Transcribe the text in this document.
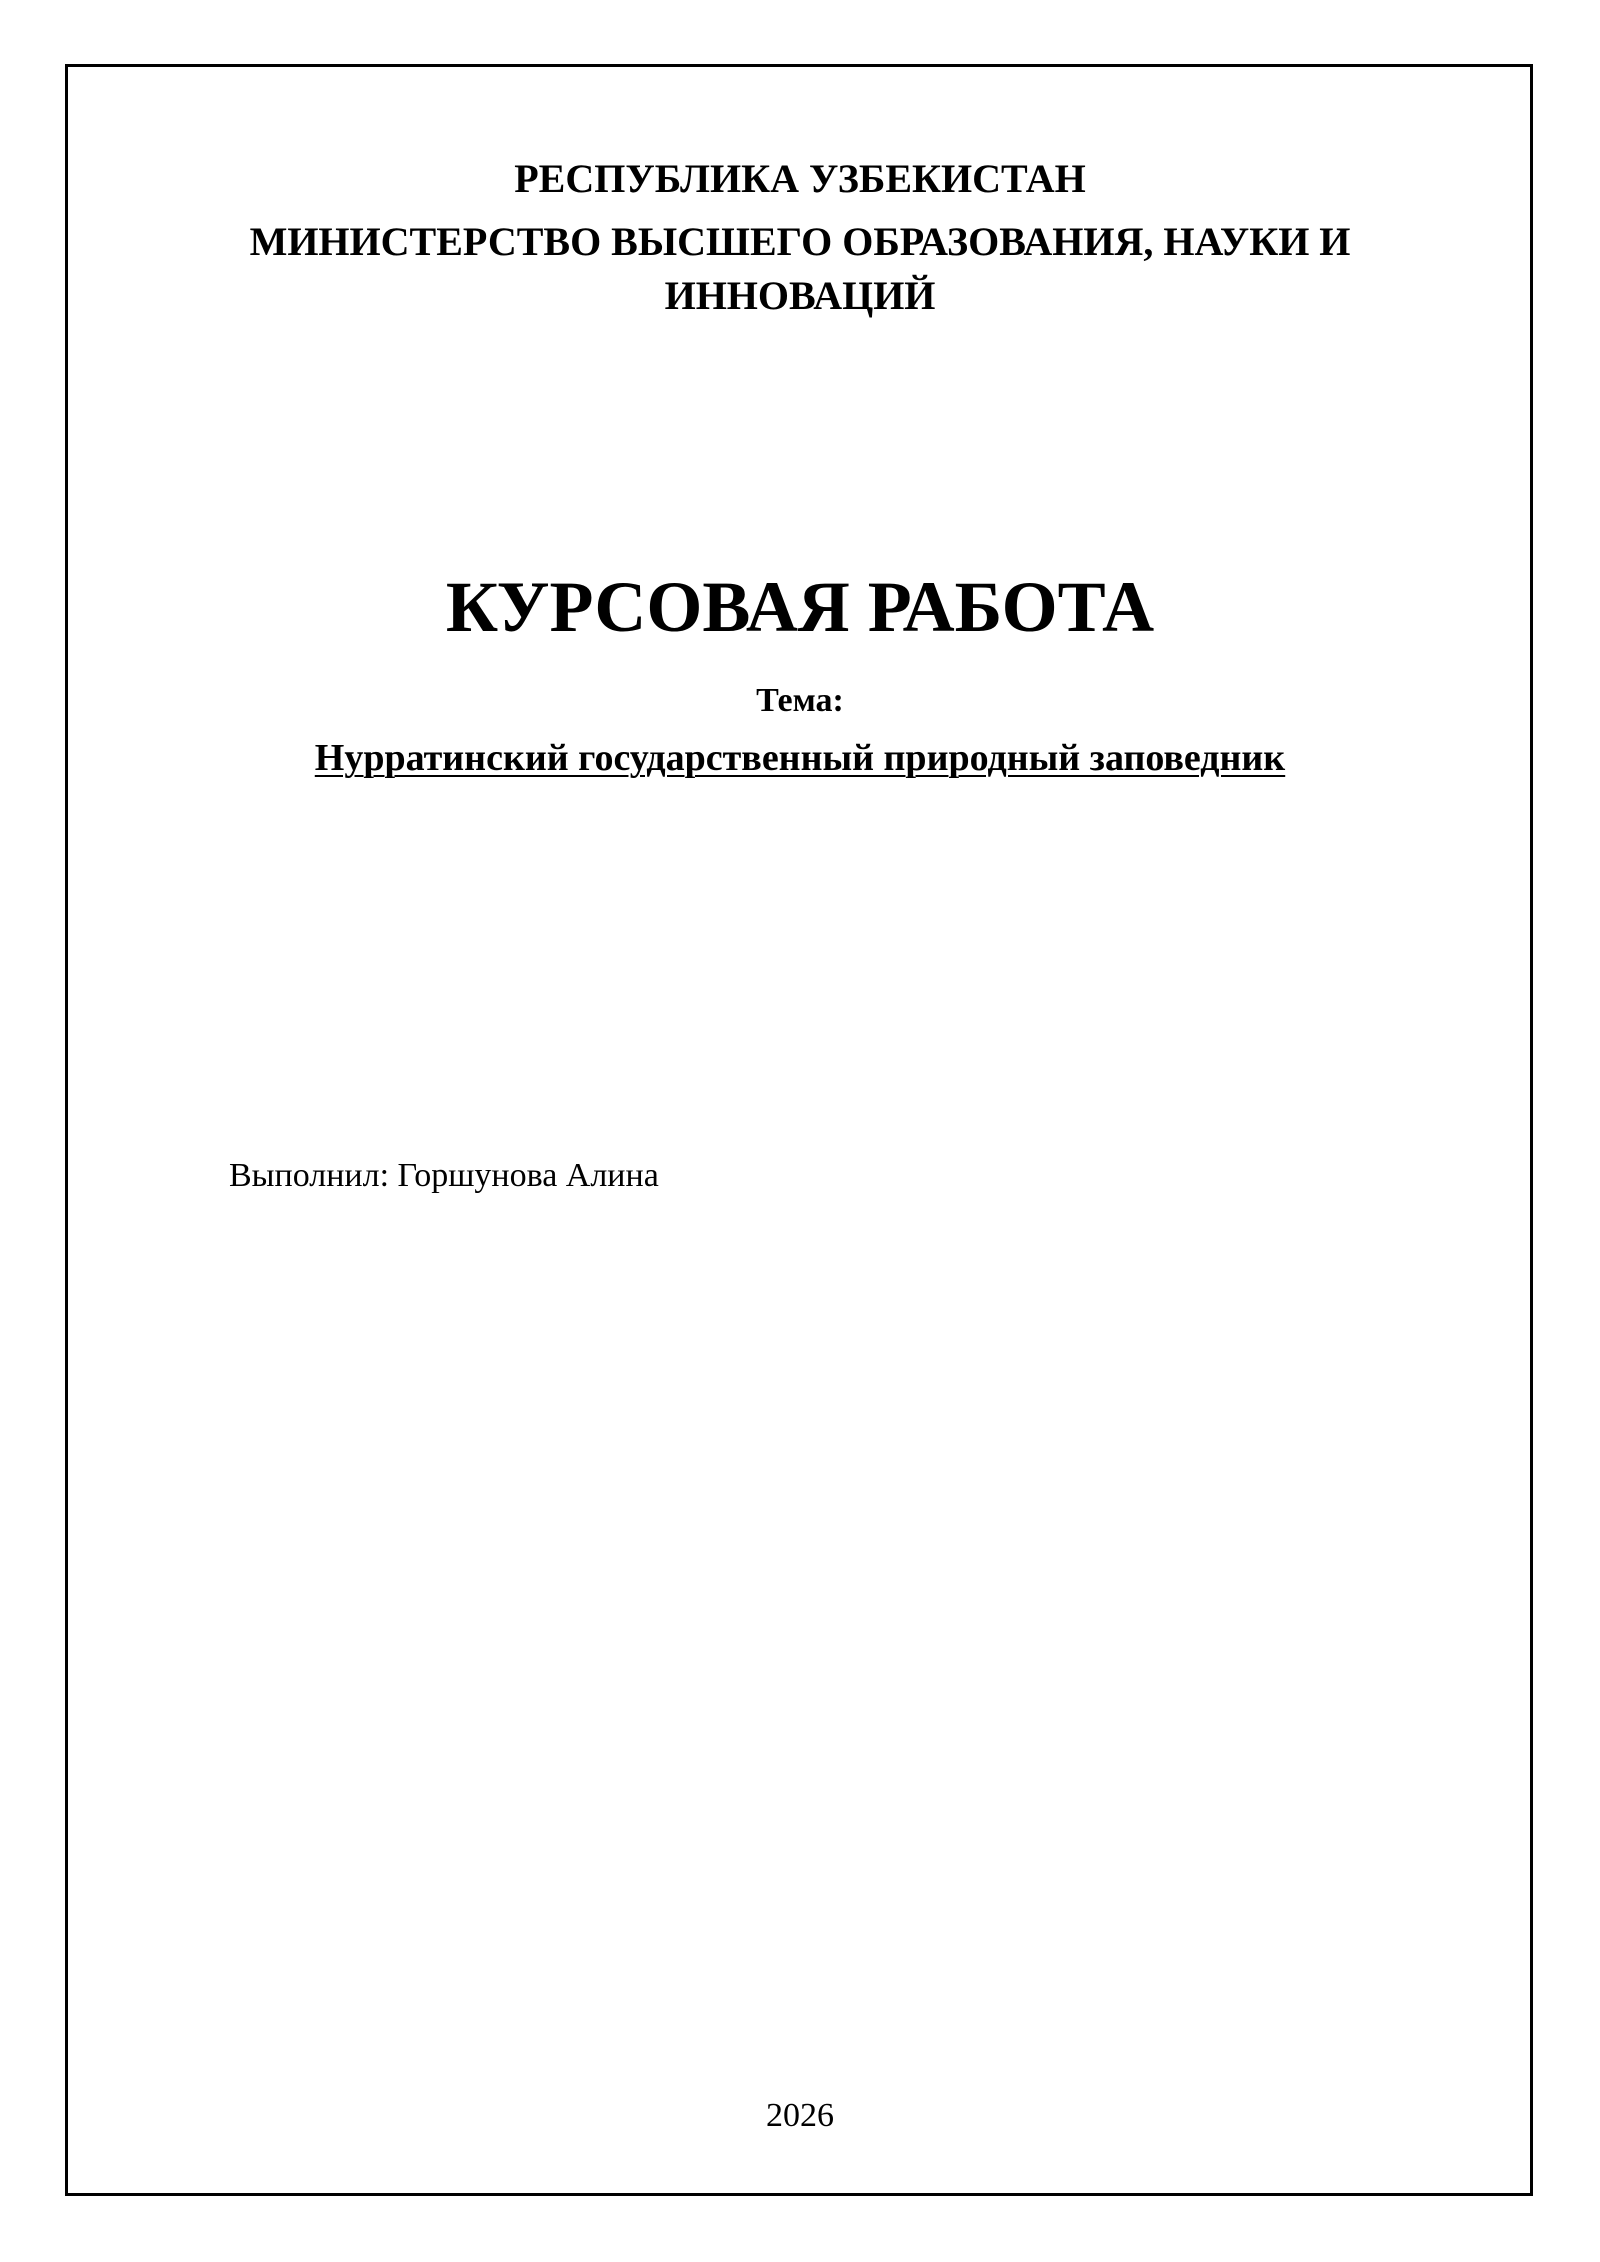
РЕСПУБЛИКА УЗБЕКИСТАН
МИНИСТЕРСТВО ВЫСШЕГО ОБРАЗОВАНИЯ, НАУКИ И
ИННОВАЦИЙ
КУРСОВАЯ РАБОТА
Тема:
Нурратинский государственный природный заповедник
Выполнил: Горшунова Алина
2026
